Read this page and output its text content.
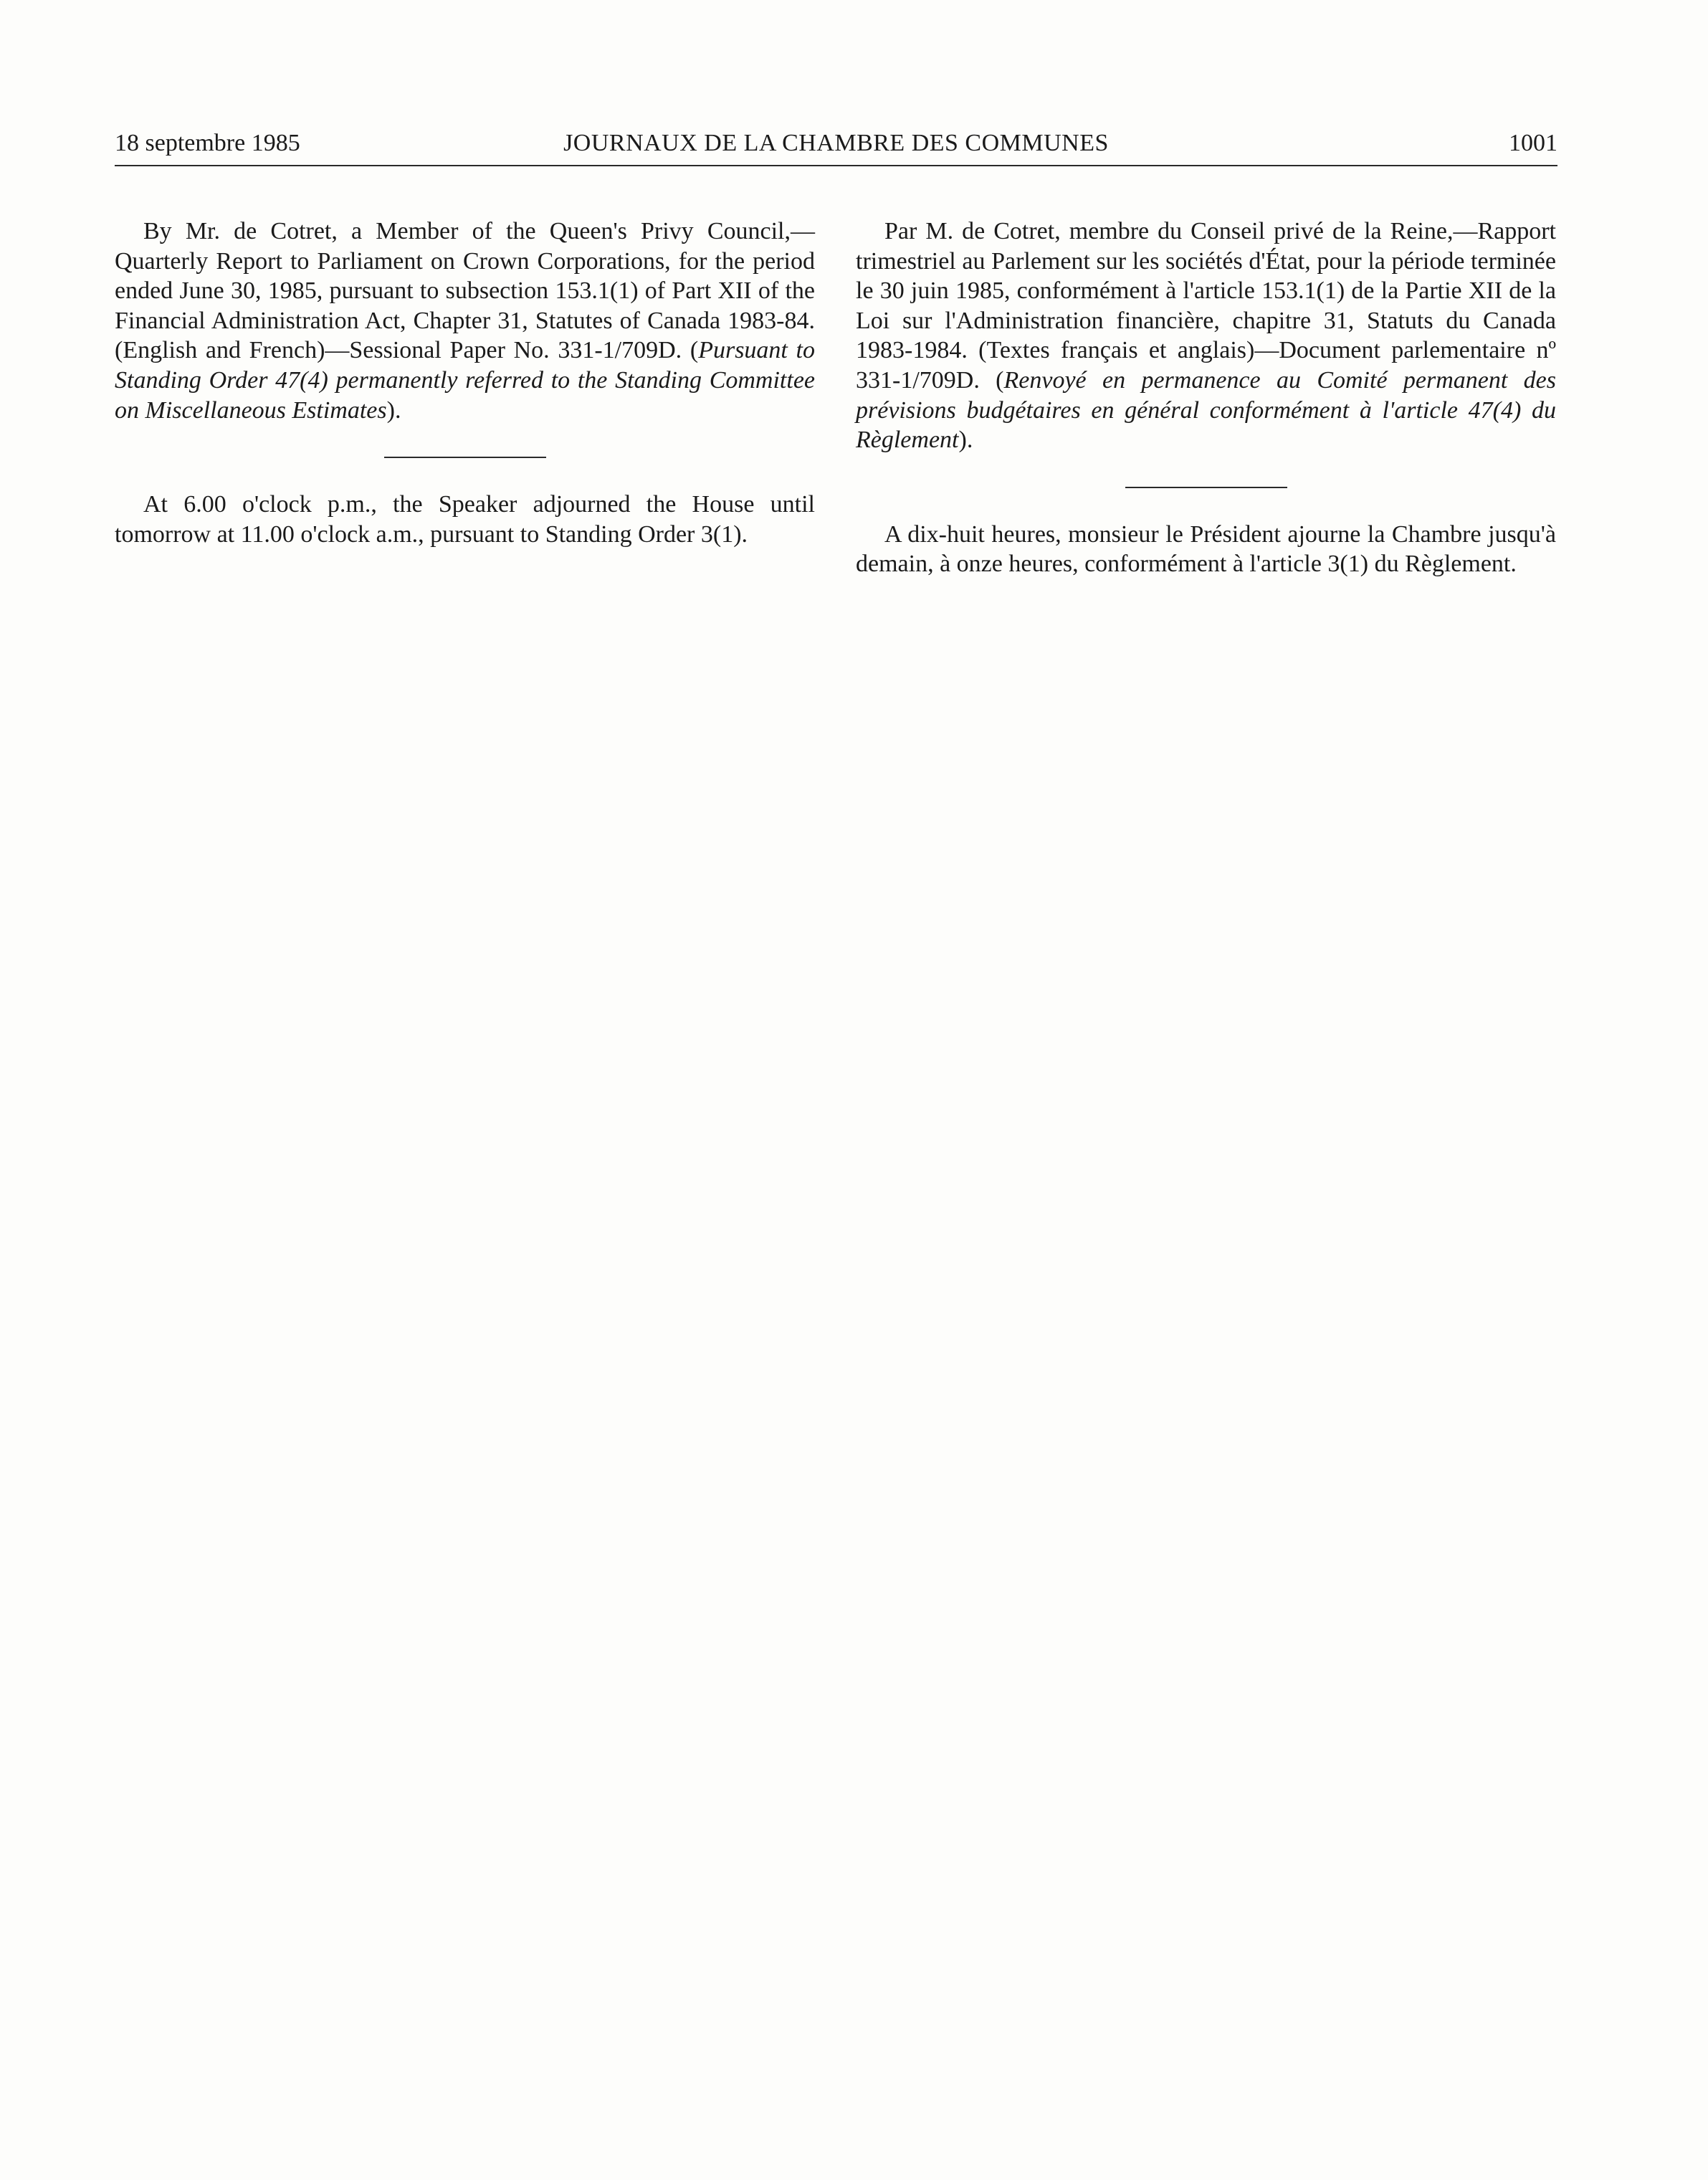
18 septembre 1985	JOURNAUX DE LA CHAMBRE DES COMMUNES	1001

By Mr. de Cotret, a Member of the Queen's Privy Council,—Quarterly Report to Parliament on Crown Corporations, for the period ended June 30, 1985, pursuant to subsection 153.1(1) of Part XII of the Financial Administration Act, Chapter 31, Statutes of Canada 1983-84. (English and French)—Sessional Paper No. 331-1/709D. (Pursuant to Standing Order 47(4) permanently referred to the Standing Committee on Miscellaneous Estimates).

At 6.00 o'clock p.m., the Speaker adjourned the House until tomorrow at 11.00 o'clock a.m., pursuant to Standing Order 3(1).

Par M. de Cotret, membre du Conseil privé de la Reine,—Rapport trimestriel au Parlement sur les sociétés d'État, pour la période terminée le 30 juin 1985, conformément à l'article 153.1(1) de la Partie XII de la Loi sur l'Administration financière, chapitre 31, Statuts du Canada 1983-1984. (Textes français et anglais)—Document parlementaire nº 331-1/709D. (Renvoyé en permanence au Comité permanent des prévisions budgétaires en général conformément à l'article 47(4) du Règlement).

A dix-huit heures, monsieur le Président ajourne la Chambre jusqu'à demain, à onze heures, conformément à l'article 3(1) du Règlement.
